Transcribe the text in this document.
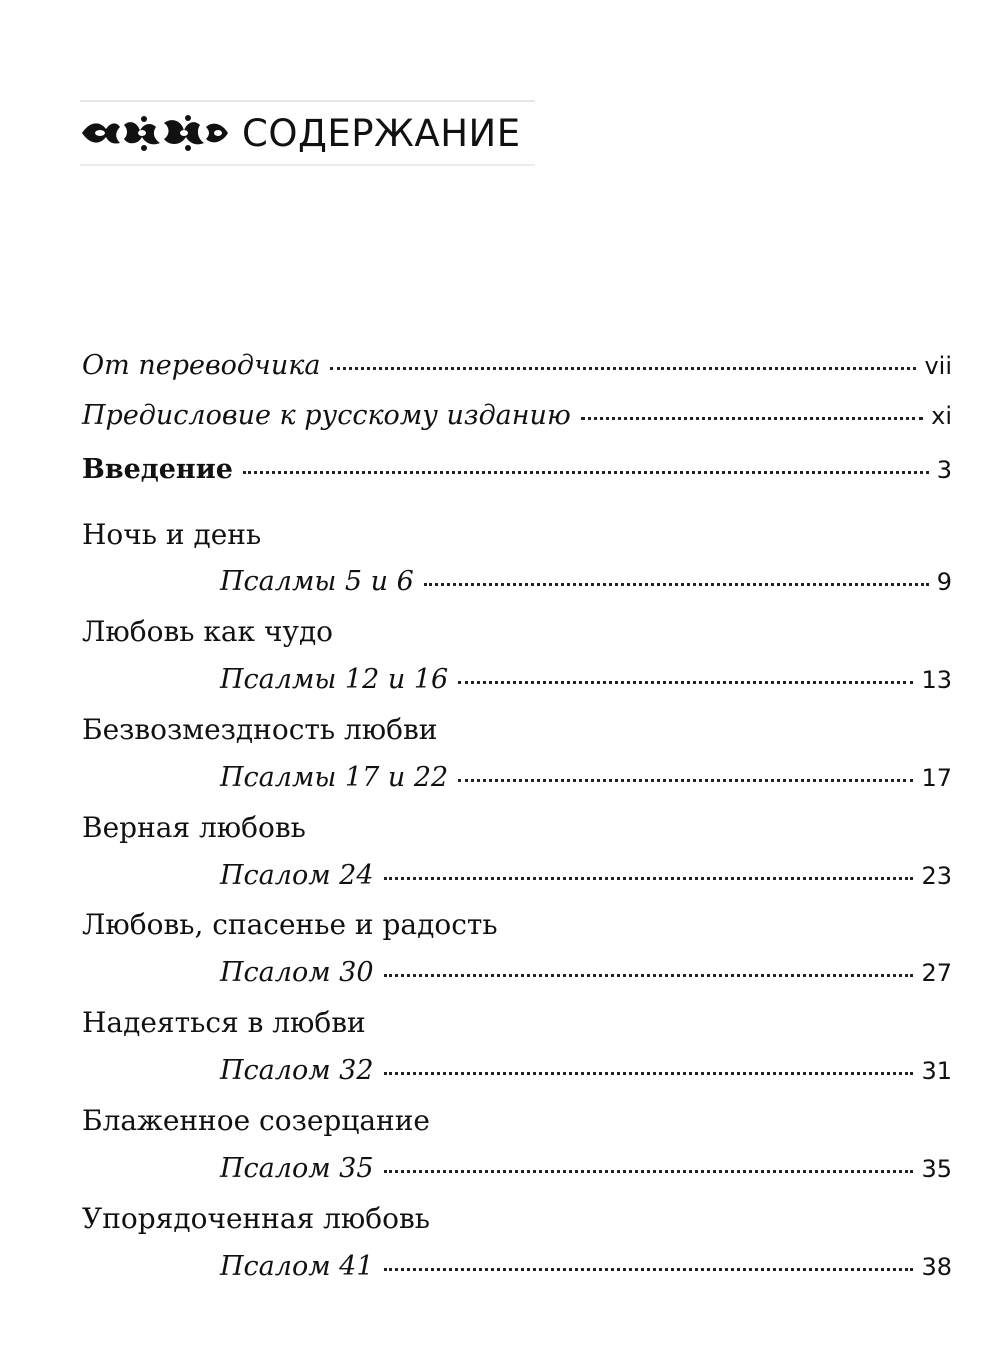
СОДЕРЖАНИЕ
От переводчика	vii
Предисловие к русскому изданию	xi
Введение	3
Ночь и день
Псалмы 5 и 6	9
Любовь как чудо
Псалмы 12 и 16	13
Безвозмездность любви
Псалмы 17 и 22	17
Верная любовь
Псалом 24	23
Любовь, спасенье и радость
Псалом 30	27
Надеяться в любви
Псалом 32	31
Блаженное созерцание
Псалом 35	35
Упорядоченная любовь
Псалом 41	38
